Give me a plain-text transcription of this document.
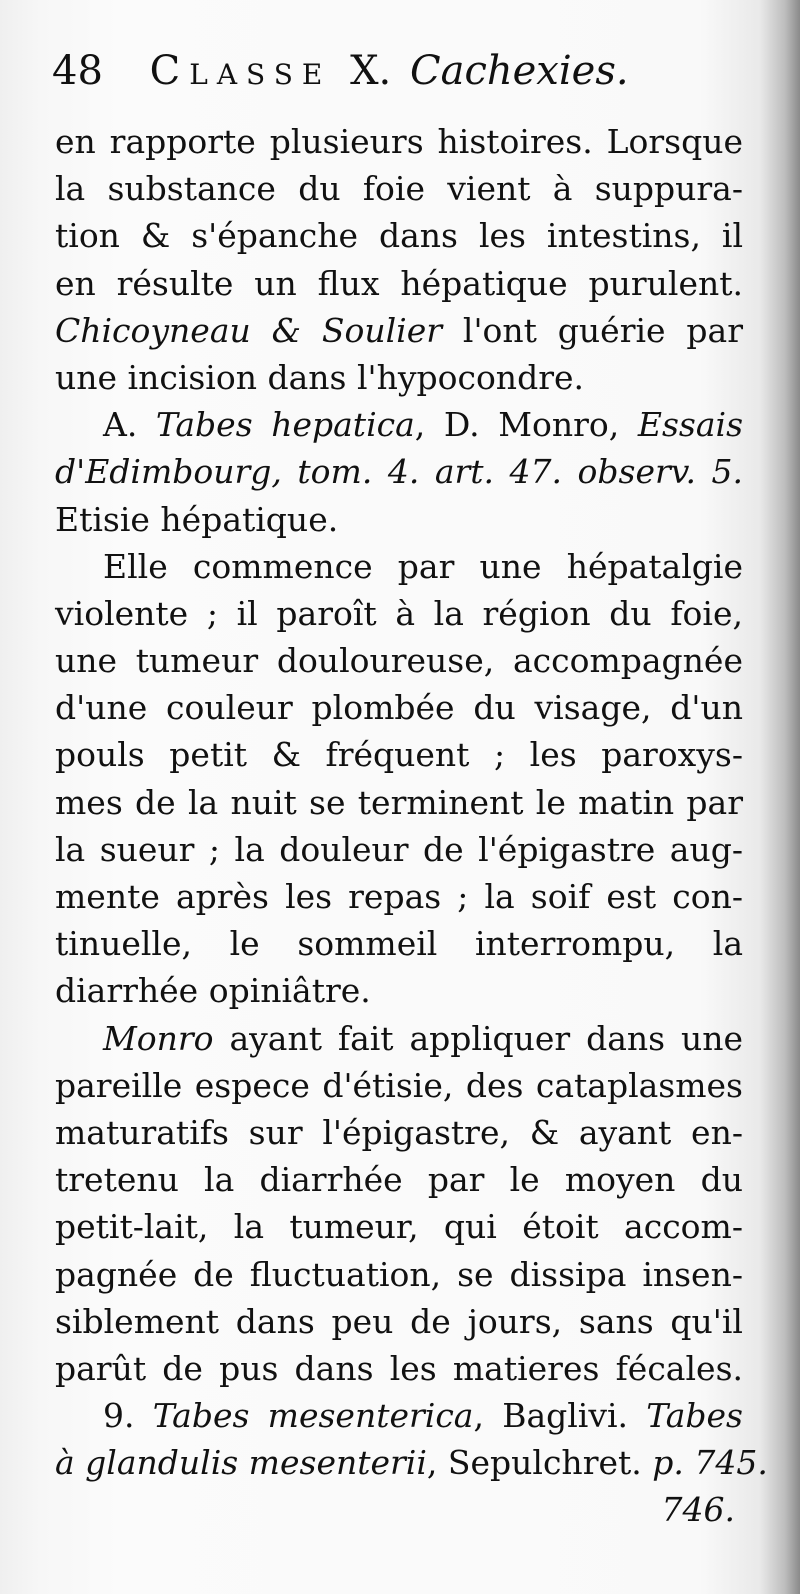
48 Classe X. Cachexies.
en rapporte plusieurs histoires. Lorsque
la substance du foie vient à suppura-
tion & s'épanche dans les intestins, il
en résulte un flux hépatique purulent.
Chicoyneau & Soulier l'ont guérie par
une incision dans l'hypocondre.
A. Tabes hepatica, D. Monro, Essais
d'Edimbourg, tom. 4. art. 47. observ. 5.
Etisie hépatique.
Elle commence par une hépatalgie
violente ; il paroît à la région du foie,
une tumeur douloureuse, accompagnée
d'une couleur plombée du visage, d'un
pouls petit & fréquent ; les paroxys-
mes de la nuit se terminent le matin par
la sueur ; la douleur de l'épigastre aug-
mente après les repas ; la soif est con-
tinuelle, le sommeil interrompu, la
diarrhée opiniâtre.
Monro ayant fait appliquer dans une
pareille espece d'étisie, des cataplasmes
maturatifs sur l'épigastre, & ayant en-
tretenu la diarrhée par le moyen du
petit-lait, la tumeur, qui étoit accom-
pagnée de fluctuation, se dissipa insen-
siblement dans peu de jours, sans qu'il
parût de pus dans les matieres fécales.
9. Tabes mesenterica, Baglivi. Tabes
à glandulis mesenterii, Sepulchret. p. 745.
746.
